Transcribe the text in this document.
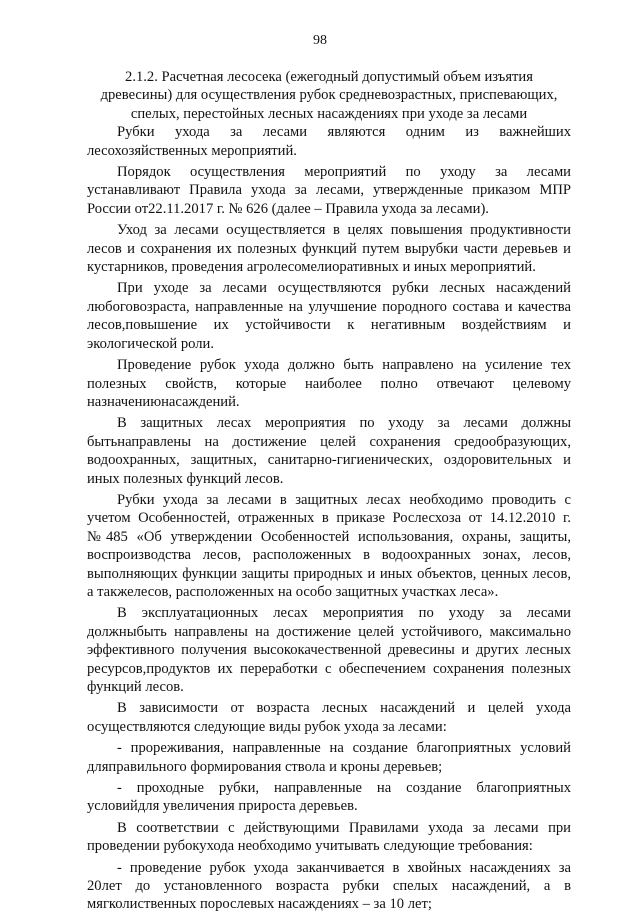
98

2.1.2. Расчетная лесосека (ежегодный допустимый объем изъятия древесины) для осуществления рубок средневозрастных, приспевающих, спелых, перестойных лесных насаждениях при уходе за лесами

Рубки ухода за лесами являются одним из важнейших лесохозяйственных мероприятий.

Порядок осуществления мероприятий по уходу за лесами устанавливают Правила ухода за лесами, утвержденные приказом МПР России от22.11.2017 г. № 626 (далее – Правила ухода за лесами).

Уход за лесами осуществляется в целях повышения продуктивности лесов и сохранения их полезных функций путем вырубки части деревьев и кустарников, проведения агролесомелиоративных и иных мероприятий.

При уходе за лесами осуществляются рубки лесных насаждений любоговозраста, направленные на улучшение породного состава и качества лесов,повышение их устойчивости к негативным воздействиям и экологической роли.

Проведение рубок ухода должно быть направлено на усиление тех полезных свойств, которые наиболее полно отвечают целевому назначениюнасаждений.

В защитных лесах мероприятия по уходу за лесами должны бытьнаправлены на достижение целей сохранения средообразующих, водоохранных, защитных, санитарно-гигиенических, оздоровительных и иных полезных функций лесов.

Рубки ухода за лесами в защитных лесах необходимо проводить с учетом Особенностей, отраженных в приказе Рослесхоза от 14.12.2010 г. №485 «Об утверждении Особенностей использования, охраны, защиты, воспроизводства лесов, расположенных в водоохранных зонах, лесов, выполняющих функции защиты природных и иных объектов, ценных лесов, а такжелесов, расположенных на особо защитных участках леса».

В эксплуатационных лесах мероприятия по уходу за лесами должныбыть направлены на достижение целей устойчивого, максимально эффективного получения высококачественной древесины и других лесных ресурсов,продуктов их переработки с обеспечением сохранения полезных функций лесов.

В зависимости от возраста лесных насаждений и целей ухода осуществляются следующие виды рубок ухода за лесами:

- прореживания, направленные на создание благоприятных условий дляправильного формирования ствола и кроны деревьев;

- проходные рубки, направленные на создание благоприятных условийдля увеличения прироста деревьев.

В соответствии с действующими Правилами ухода за лесами при проведении рубокухода необходимо учитывать следующие требования:

- проведение рубок ухода заканчивается в хвойных насаждениях за 20лет до установленного возраста рубки спелых насаждений, а в мягколиственных порослевых насаждениях – за 10 лет;
